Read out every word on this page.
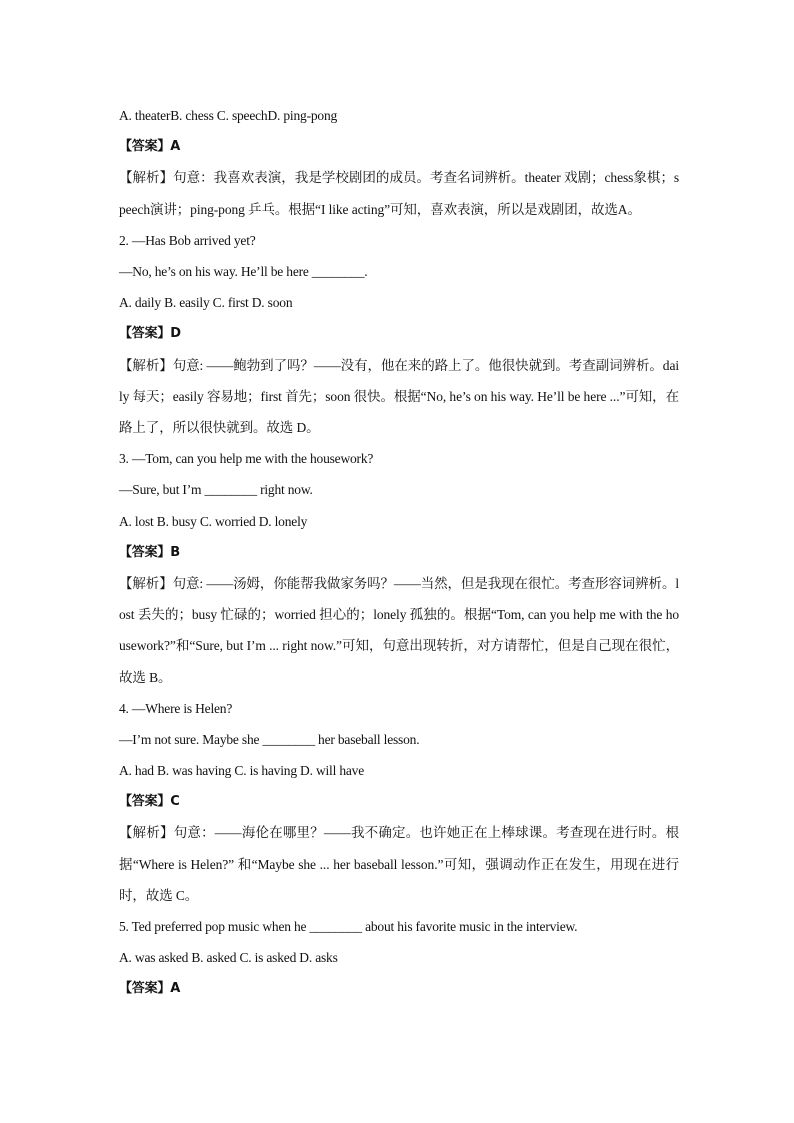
A. theaterB. chess C. speechD. ping-pong
【答案】A
【解析】句意：我喜欢表演，我是学校剧团的成员。考查名词辨析。theater 戏剧；chess象棋；speech演讲；ping-pong 乒乓。根据“I like acting”可知，喜欢表演，所以是戏剧团，故选A。
2. —Has Bob arrived yet?
—No, he’s on his way. He’ll be here ________.
A. daily B. easily C. first D. soon
【答案】D
【解析】句意: ——鲍勃到了吗？——没有，他在来的路上了。他很快就到。考查副词辨析。daily 每天；easily 容易地；first 首先；soon 很快。根据“No, he’s on his way. He’ll be here ...”可知，在路上了，所以很快就到。故选 D。
3. —Tom, can you help me with the housework?
—Sure, but I’m ________ right now.
A. lost B. busy C. worried D. lonely
【答案】B
【解析】句意: ——汤姆，你能帮我做家务吗？——当然，但是我现在很忙。考查形容词辨析。lost 丢失的；busy 忙碌的；worried 担心的；lonely 孤独的。根据“Tom, can you help me with the housework?”和“Sure, but I’m ... right now.”可知，句意出现转折，对方请帮忙，但是自己现在很忙，故选 B。
4. —Where is Helen?
—I’m not sure. Maybe she ________ her baseball lesson.
A. had B. was having C. is having D. will have
【答案】C
【解析】句意：——海伦在哪里？——我不确定。也许她正在上棒球课。考查现在进行时。根据“Where is Helen?” 和“Maybe she ... her baseball lesson.”可知，强调动作正在发生，用现在进行时，故选 C。
5. Ted preferred pop music when he ________ about his favorite music in the interview.
A. was asked B. asked C. is asked D. asks
【答案】A
